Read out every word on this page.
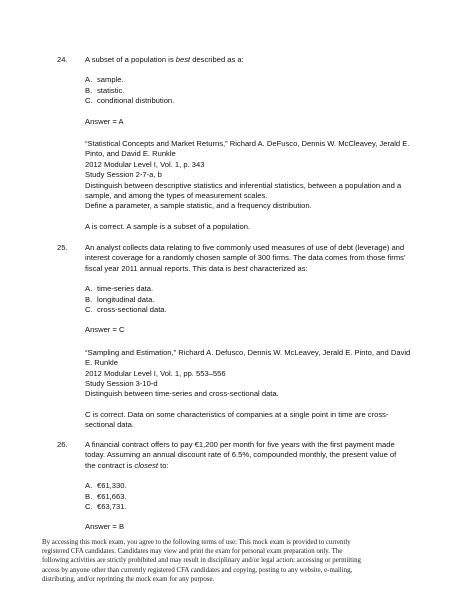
24.	A subset of a population is best described as a:

A. sample.
B. statistic.
C. conditional distribution.

Answer = A

“Statistical Concepts and Market Returns,” Richard A. DeFusco, Dennis W. McCleavey, Jerald E.
Pinto, and David E. Runkle
2012 Modular Level I, Vol. 1, p. 343
Study Session 2-7-a, b
Distinguish between descriptive statistics and inferential statistics, between a population and a
sample, and among the types of measurement scales.
Define a parameter, a sample statistic, and a frequency distribution.

A is correct. A sample is a subset of a population.

25.	An analyst collects data relating to five commonly used measures of use of debt (leverage) and
interest coverage for a randomly chosen sample of 300 firms. The data comes from those firms’
fiscal year 2011 annual reports. This data is best characterized as:
A. time-series data.
B. longitudinal data.
C. cross-sectional data.

Answer = C

“Sampling and Estimation,” Richard A. Defusco, Dennis W. McLeavey, Jerald E. Pinto, and David
E. Runkle
2012 Modular Level I, Vol. 1, pp. 553–556
Study Session 3-10-d
Distinguish between time-series and cross-sectional data.
C is correct. Data on some characteristics of companies at a single point in time are cross-
sectional data.
26.	A financial contract offers to pay €1,200 per month for five years with the first payment made
today. Assuming an annual discount rate of 6.5%, compounded monthly, the present value of
the contract is closest to:
A. €61,330.
B. €61,663.
C. €63,731.

Answer = B

By accessing this mock exam, you agree to the following terms of use: This mock exam is provided to currently
registered CFA candidates. Candidates may view and print the exam for personal exam preparation only. The
following activities are strictly prohibited and may result in disciplinary and/or legal action: accessing or permitting
access by anyone other than currently registered CFA candidates and copying, posting to any website, e-mailing,
distributing, and/or reprinting the mock exam for any purpose.
